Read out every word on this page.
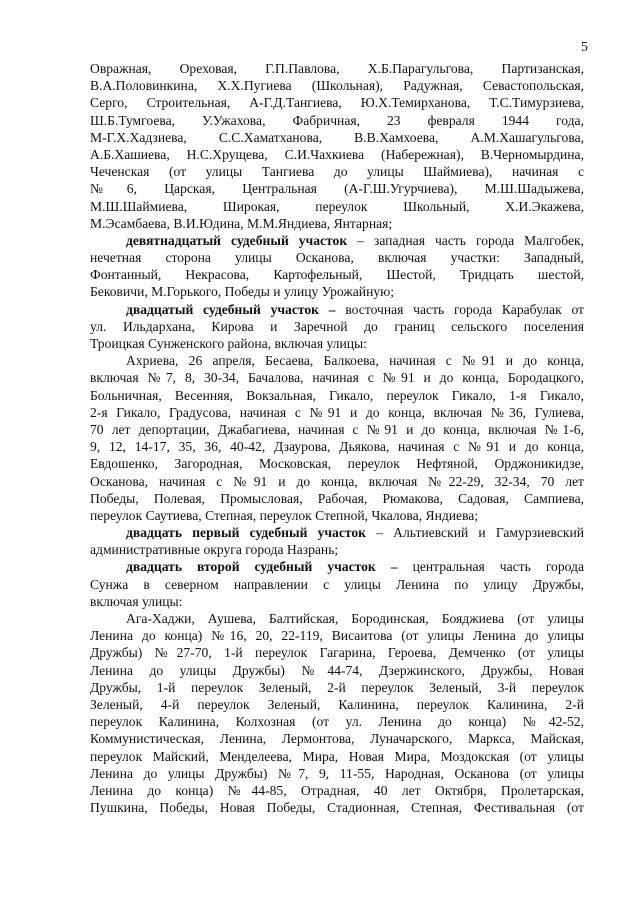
5
Овражная, Ореховая, Г.П.Павлова, Х.Б.Парагульгова, Партизанская,
В.А.Половинкина, Х.Х.Пугиева (Школьная), Радужная, Севастопольская,
Серго, Строительная, А-Г.Д.Тангиева, Ю.Х.Темирханова, Т.С.Тимурзиева,
Ш.Б.Тумгоева, У.Ужахова, Фабричная, 23 февраля 1944 года,
М-Г.Х.Хадзиева, С.С.Хаматханова, В.В.Хамхоева, А.М.Хашагульгова,
А.Б.Хашиева, Н.С.Хрущева, С.И.Чахкиева (Набережная), В.Черномырдина,
Чеченская (от улицы Тангиева до улицы Шаймиева), начиная с
№6, Царская, Центральная (А-Г.Ш.Угурчиева), М.Ш.Шадыжева,
М.Ш.Шаймиева, Широкая, переулок Школьный, Х.И.Экажева,
М.Эсамбаева, В.И.Юдина, М.М.Яндиева, Янтарная;
девятнадцатый судебный участок – западная часть города Малгобек,
нечетная сторона улицы Осканова, включая участки: Западный,
Фонтанный, Некрасова, Картофельный, Шестой, Тридцать шестой,
Бековичи, М.Горького, Победы и улицу Урожайную;
двадцатый судебный участок – восточная часть города Карабулак от
ул. Ильдархана, Кирова и Заречной до границ сельского поселения
Троицкая Сунженского района, включая улицы:
Ахриева, 26 апреля, Бесаева, Балкоева, начиная с №91 и до конца,
включая №7, 8, 30-34, Бачалова, начиная с №91 и до конца, Бородацкого,
Больничная, Весенняя, Вокзальная, Гикало, переулок Гикало, 1-я Гикало,
2-я Гикало, Градусова, начиная с №91 и до конца, включая №36, Гулиева,
70 лет депортации, Джабагиева, начиная с №91 и до конца, включая №1-6,
9, 12, 14-17, 35, 36, 40-42, Дзаурова, Дьякова, начиная с №91 и до конца,
Евдошенко, Загородная, Московская, переулок Нефтяной, Орджоникидзе,
Осканова, начиная с №91 и до конца, включая №22-29, 32-34, 70 лет
Победы, Полевая, Промысловая, Рабочая, Рюмакова, Садовая, Сампиева,
переулок Саутиева, Степная, переулок Степной, Чкалова, Яндиева;
двадцать первый судебный участок – Альтиевский и Гамурзиевский
административные округа города Назрань;
двадцать второй судебный участок – центральная часть города
Сунжа в северном направлении с улицы Ленина по улицу Дружбы,
включая улицы:
Ага-Хаджи, Аушева, Балтийская, Бородинская, Бояджиева (от улицы
Ленина до конца) №16, 20, 22-119, Висаитова (от улицы Ленина до улицы
Дружбы) №27-70, 1-й переулок Гагарина, Героева, Демченко (от улицы
Ленина до улицы Дружбы) №44-74, Дзержинского, Дружбы, Новая
Дружбы, 1-й переулок Зеленый, 2-й переулок Зеленый, 3-й переулок
Зеленый, 4-й переулок Зеленый, Калинина, переулок Калинина, 2-й
переулок Калинина, Колхозная (от ул. Ленина до конца) №42-52,
Коммунистическая, Ленина, Лермонтова, Луначарского, Маркса, Майская,
переулок Майский, Менделеева, Мира, Новая Мира, Моздокская (от улицы
Ленина до улицы Дружбы) №7, 9, 11-55, Народная, Осканова (от улицы
Ленина до конца) №44-85, Отрадная, 40 лет Октября, Пролетарская,
Пушкина, Победы, Новая Победы, Стадионная, Степная, Фестивальная (от
